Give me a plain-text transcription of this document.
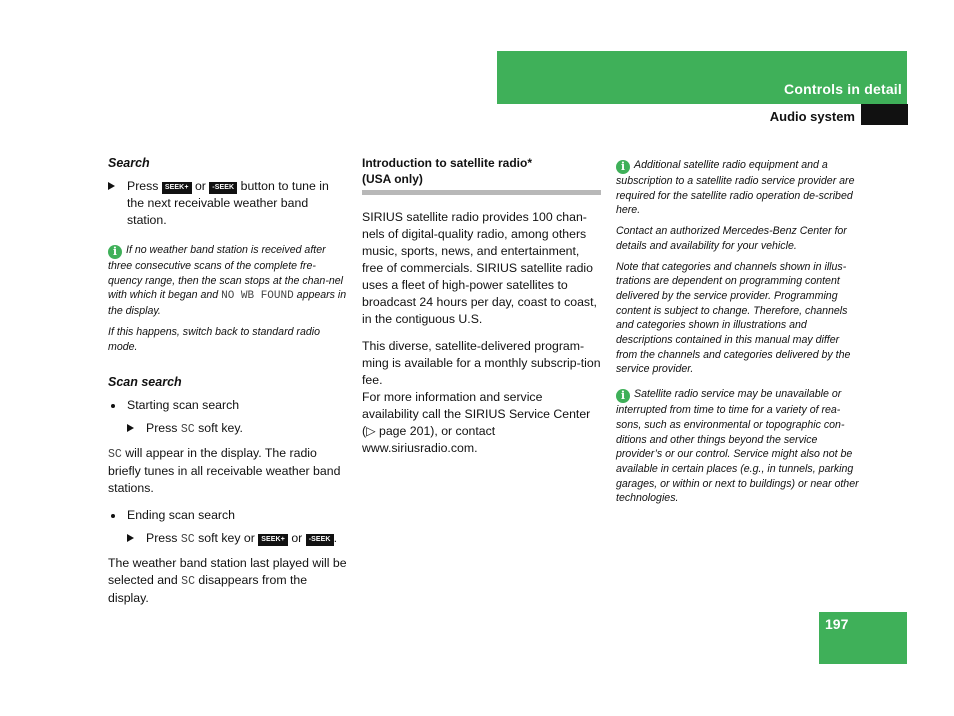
Controls in detail
Audio system
Search
Press SEEK+ or -SEEK button to tune in the next receivable weather band station.
i If no weather band station is received after three consecutive scans of the complete fre-quency range, then the scan stops at the chan-nel with which it began and NO WB FOUND appears in the display.
If this happens, switch back to standard radio mode.
Scan search
Starting scan search
Press SC soft key.
SC will appear in the display. The radio briefly tunes in all receivable weather band stations.
Ending scan search
Press SC soft key or SEEK+ or -SEEK .
The weather band station last played will be selected and SC disappears from the display.
Introduction to satellite radio*
(USA only)
SIRIUS satellite radio provides 100 chan-nels of digital-quality radio, among others music, sports, news, and entertainment, free of commercials. SIRIUS satellite radio uses a fleet of high-power satellites to broadcast 24 hours per day, coast to coast, in the contiguous U.S.
This diverse, satellite-delivered program-ming is available for a monthly subscrip-tion fee.
For more information and service availability call the SIRIUS Service Center (▷ page 201), or contact www.siriusradio.com.
i Additional satellite radio equipment and a subscription to a satellite radio service provider are required for the satellite radio operation de-scribed here.
Contact an authorized Mercedes-Benz Center for details and availability for your vehicle.
Note that categories and channels shown in illus-trations are dependent on programming content delivered by the service provider. Programming content is subject to change. Therefore, channels and categories shown in illustrations and descriptions contained in this manual may differ from the channels and categories delivered by the service provider.
i Satellite radio service may be unavailable or interrupted from time to time for a variety of rea-sons, such as environmental or topographic con-ditions and other things beyond the service provider’s or our control. Service might also not be available in certain places (e.g., in tunnels, parking garages, or within or next to buildings) or near other technologies.
197
